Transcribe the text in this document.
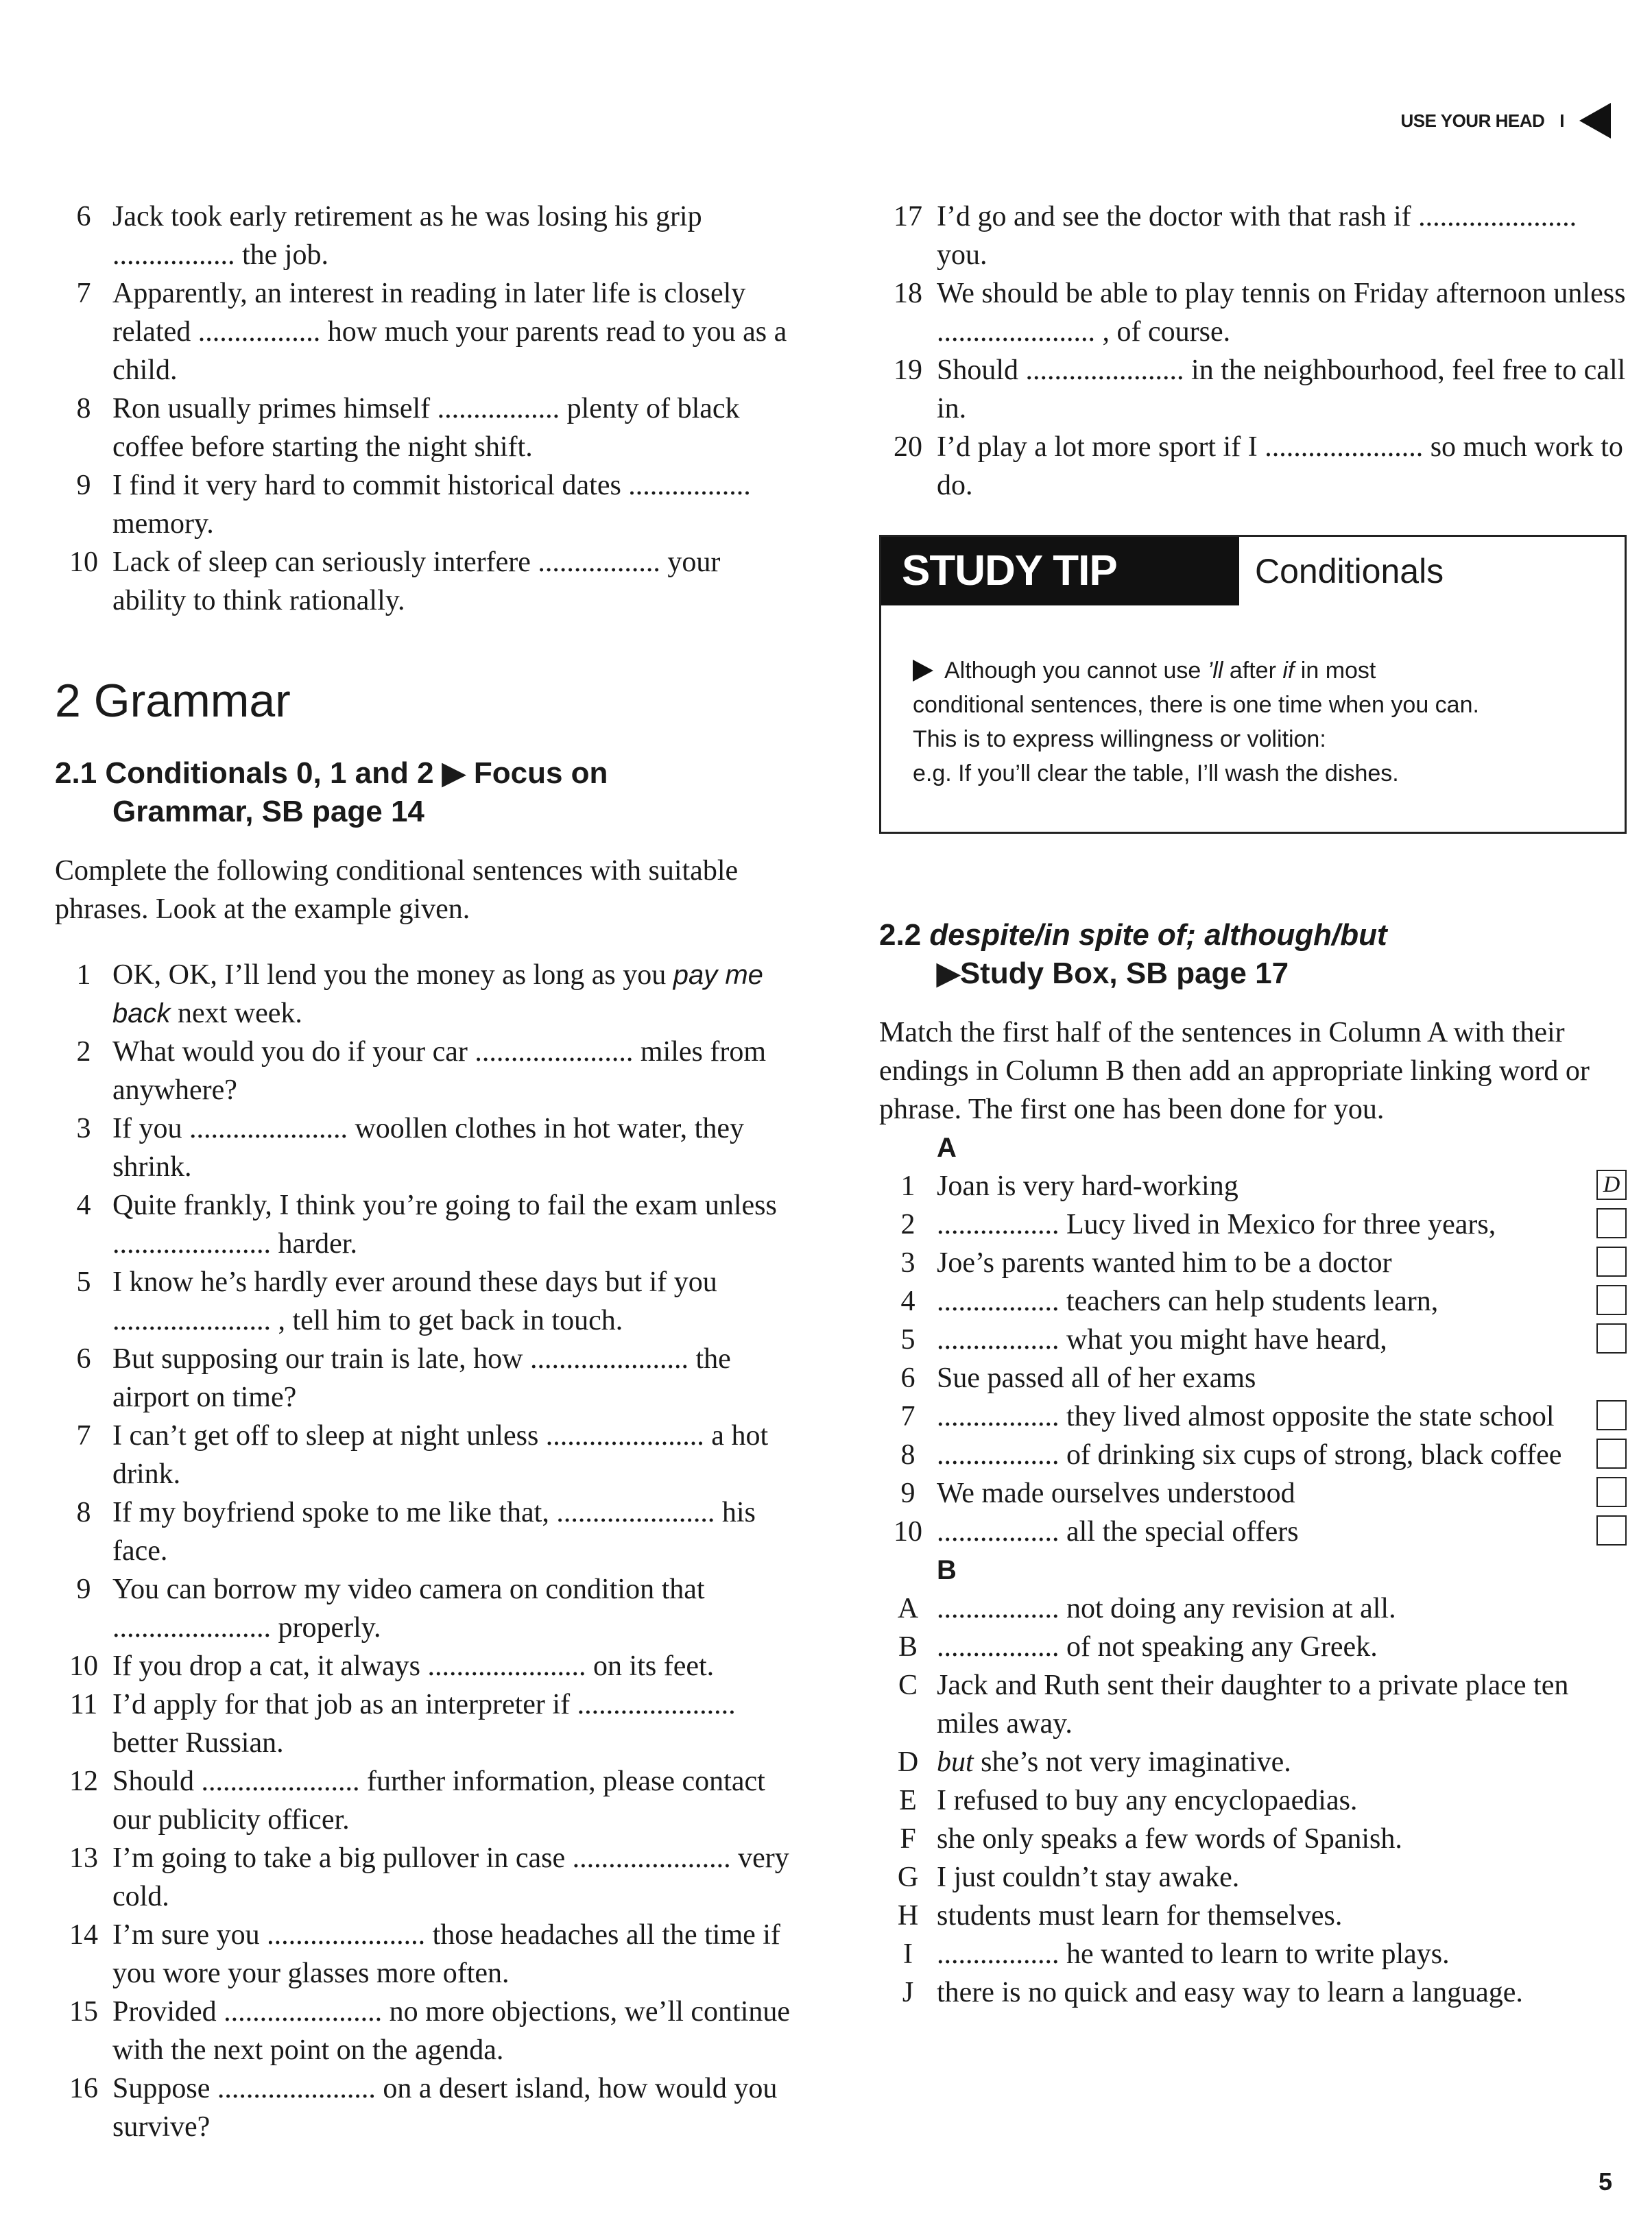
USE YOUR HEAD I
6 Jack took early retirement as he was losing his grip ................. the job.
7 Apparently, an interest in reading in later life is closely related ................. how much your parents read to you as a child.
8 Ron usually primes himself ................. plenty of black coffee before starting the night shift.
9 I find it very hard to commit historical dates ................. memory.
10 Lack of sleep can seriously interfere ................. your ability to think rationally.
2 Grammar
2.1 Conditionals 0, 1 and 2 ▶ Focus on
Grammar, SB page 14

Complete the following conditional sentences with suitable phrases. Look at the example given.

1 OK, OK, I’ll lend you the money as long as you pay me back next week.
2 What would you do if your car ...................... miles from anywhere?
3 If you ...................... woollen clothes in hot water, they shrink.
4 Quite frankly, I think you’re going to fail the exam unless ...................... harder.
5 I know he’s hardly ever around these days but if you ...................... , tell him to get back in touch.
6 But supposing our train is late, how ...................... the airport on time?
7 I can’t get off to sleep at night unless ...................... a hot drink.
8 If my boyfriend spoke to me like that, ...................... his face.
9 You can borrow my video camera on condition that ...................... properly.
10 If you drop a cat, it always ...................... on its feet.
11 I’d apply for that job as an interpreter if ...................... better Russian.
12 Should ...................... further information, please contact our publicity officer.
13 I’m going to take a big pullover in case ...................... very cold.
14 I’m sure you ...................... those headaches all the time if you wore your glasses more often.
15 Provided ...................... no more objections, we’ll continue with the next point on the agenda.
16 Suppose ...................... on a desert island, how would you survive?
17 I’d go and see the doctor with that rash if ...................... you.
18 We should be able to play tennis on Friday afternoon unless ...................... , of course.
19 Should ...................... in the neighbourhood, feel free to call in.
20 I’d play a lot more sport if I ...................... so much work to do.
STUDY TIP	Conditionals
Although you cannot use ’ll after if in most
conditional sentences, there is one time when you can.
This is to express willingness or volition:
e.g. If you’ll clear the table, I’ll wash the dishes.
2.2 despite/in spite of; although/but
▶Study Box, SB page 17

Match the first half of the sentences in Column A with their endings in Column B then add an appropriate linking word or phrase. The first one has been done for you.

A
1 Joan is very hard-working	D
2 ................. Lucy lived in Mexico for three years,
3 Joe’s parents wanted him to be a doctor
4 ................. teachers can help students learn,
5 ................. what you might have heard,
6 Sue passed all of her exams
7 ................. they lived almost opposite the state school
8 ................. of drinking six cups of strong, black coffee
9 We made ourselves understood
10 ................. all the special offers
B
A ................. not doing any revision at all.
B ................. of not speaking any Greek.
C Jack and Ruth sent their daughter to a private place ten miles away.
D but she’s not very imaginative.
E I refused to buy any encyclopaedias.
F she only speaks a few words of Spanish.
G I just couldn’t stay awake.
H students must learn for themselves.
I ................. he wanted to learn to write plays.
J there is no quick and easy way to learn a language.
5
